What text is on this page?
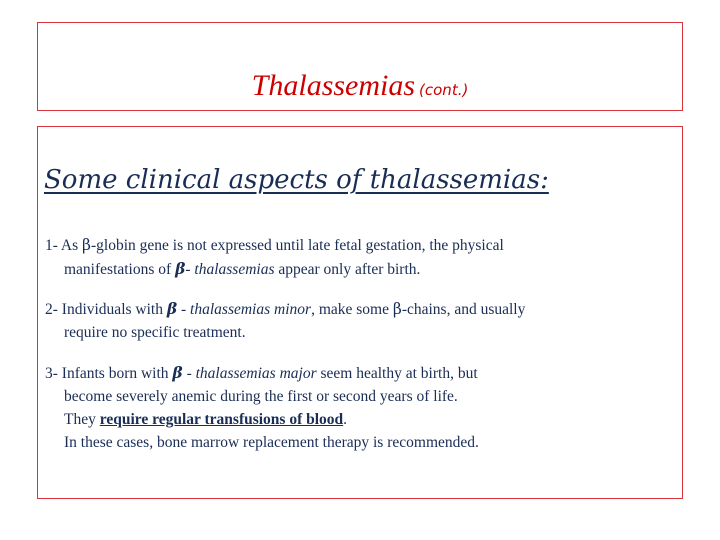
Thalassemias (cont.)
Some clinical aspects of thalassemias:

1- As β-globin gene is not expressed until late fetal gestation, the physical
manifestations of β- thalassemias appear only after birth.

2- Individuals with β - thalassemias minor, make some β-chains, and usually
require no specific treatment.

3- Infants born with β - thalassemias major seem healthy at birth, but
become severely anemic during the first or second years of life.
They require regular transfusions of blood.
In these cases, bone marrow replacement therapy is recommended.
